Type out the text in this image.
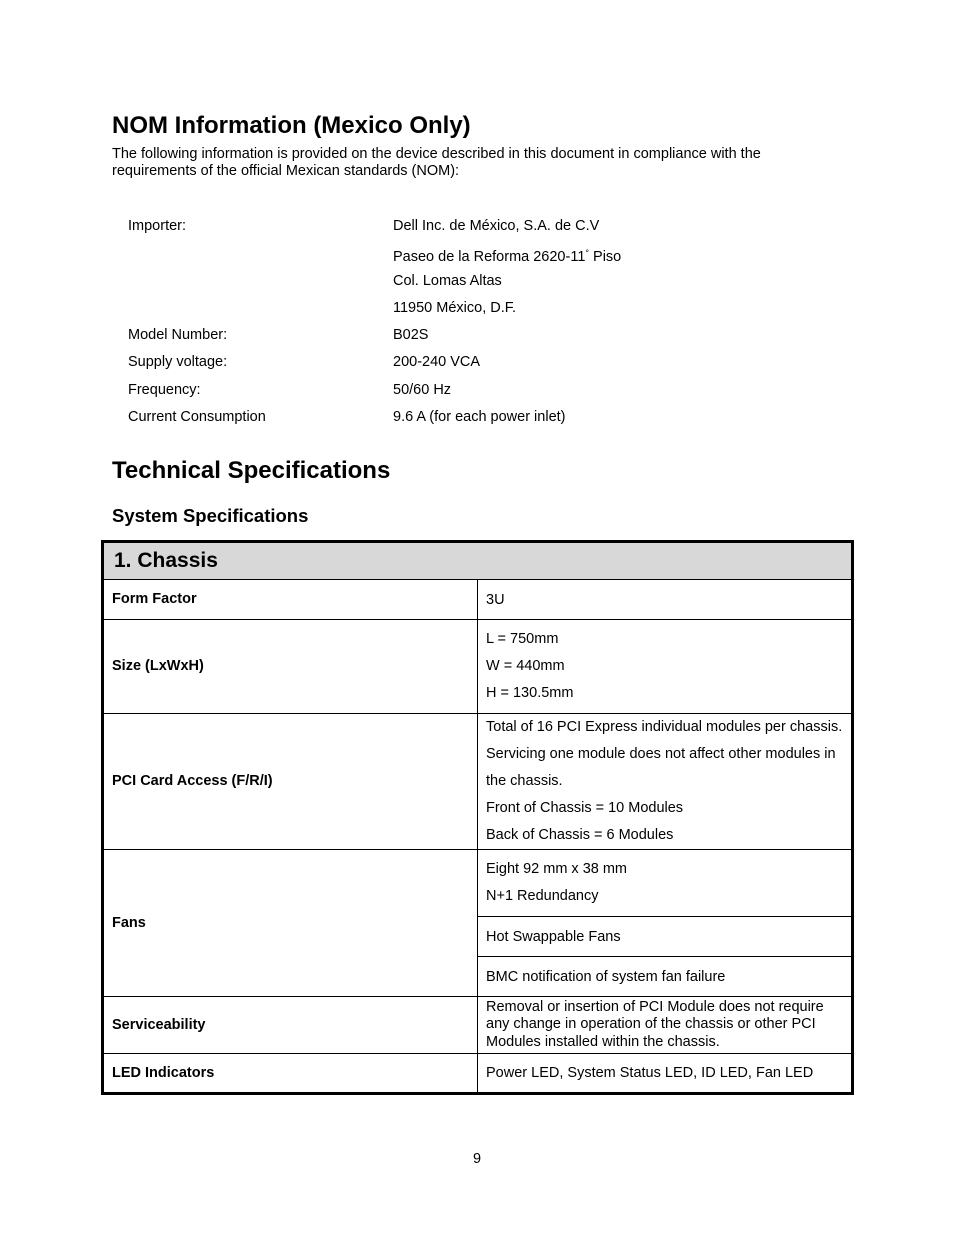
NOM Information (Mexico Only)

The following information is provided on the device described in this document in compliance with the requirements of the official Mexican standards (NOM):

Importer:	Dell Inc. de México, S.A. de C.V
Paseo de la Reforma 2620-11° Piso
Col. Lomas Altas
11950 México, D.F.
Model Number:	B02S
Supply voltage:	200-240 VCA
Frequency:	50/60 Hz
Current Consumption	9.6 A (for each power inlet)
Technical Specifications
System Specifications
1. Chassis	
Form Factor	3U
Size (LxWxH)	L = 750mm
W = 440mm
H = 130.5mm

PCI Card Access (F/R/I)	Total of 16 PCI Express individual modules per chassis.
Servicing one module does not affect other modules in the chassis.
Front of Chassis = 10 Modules
Back of Chassis = 6 Modules

Fans	Eight 92 mm x 38 mm
N+1 Redundancy

	Hot Swappable Fans
	BMC notification of system fan failure
Serviceability	Removal or insertion of PCI Module does not require any change in operation of the chassis or other PCI Modules installed within the chassis.
LED Indicators	Power LED, System Status LED, ID LED, Fan LED
9
